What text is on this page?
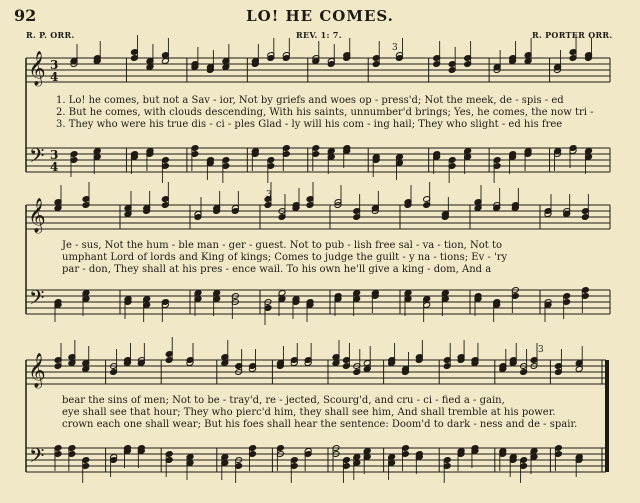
92	LO! HE COMES.
R. P. ORR.	REV. 1: 7.	R. PORTER ORR.
𝄞
𝄢
3
4
3
4
3
𝄞
𝄢
3
𝄞
𝄢
3
1. Lo! he comes, but not a Sav - ior, Not by griefs and woes op - press'd; Not the meek, de - spis - ed
2. But he comes, with clouds descending, With his saints, unnumber'd brings; Yes, he comes, the now tri -
3. They who were his true dis - ci - ples Glad - ly will his com - ing hail; They who slight - ed his free
Je - sus, Not the hum - ble man - ger - guest. Not to pub - lish free sal - va - tion, Not to
umphant Lord of lords and King of kings; Comes to judge the guilt - y na - tions; Ev - 'ry
par - don, They shall at his pres - ence wail. To his own he'll give a king - dom, And a
bear the sins of men; Not to be - tray'd, re - jected, Scourg'd, and cru - ci - fied a - gain,
eye shall see that hour; They who pierc'd him, they shall see him, And shall tremble at his power.
crown each one shall wear; But his foes shall hear the sentence: Doom'd to dark - ness and de - spair.
